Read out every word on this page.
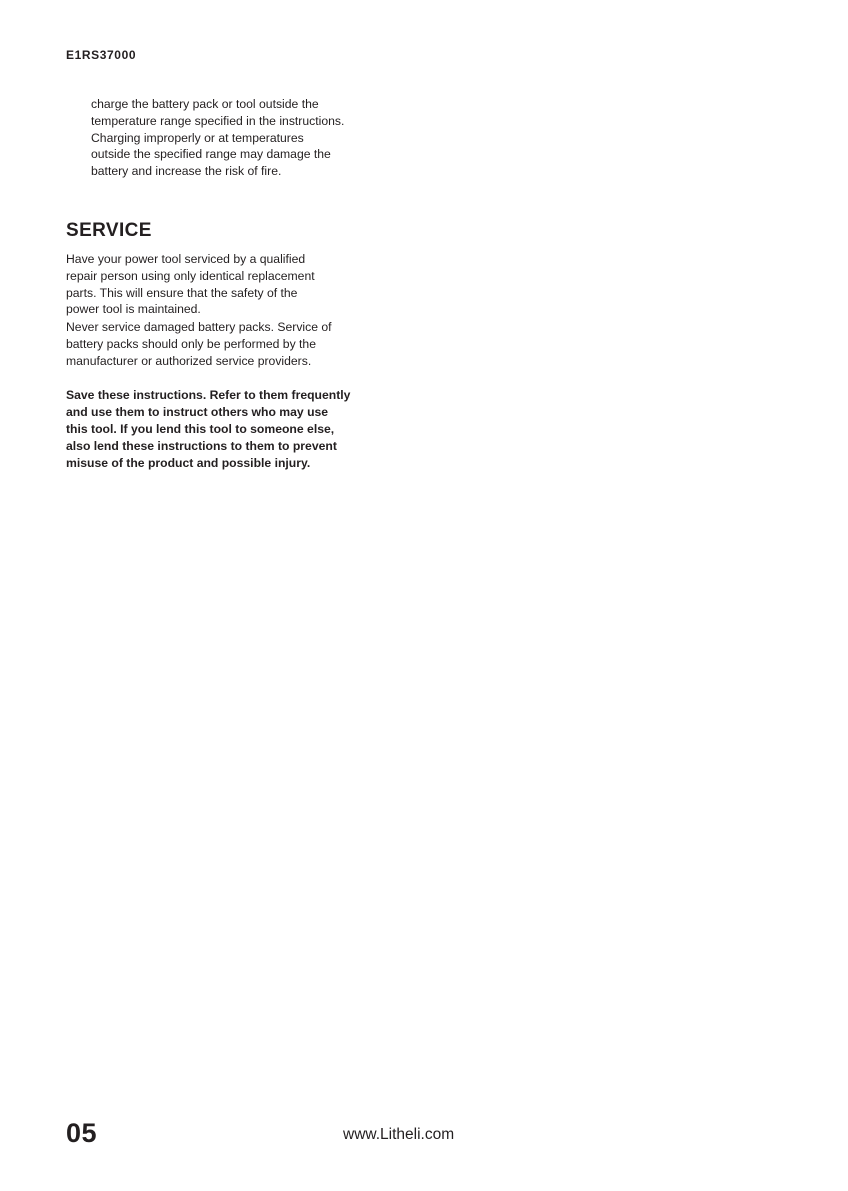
E1RS37000
charge the battery pack or tool outside the
temperature range specified in the instructions.
Charging improperly or at temperatures
outside the specified range may damage the
battery and increase the risk of fire.
SERVICE
Have your power tool serviced by a qualified
repair person using only identical replacement
parts. This will ensure that the safety of the
power tool is maintained.
Never service damaged battery packs. Service of
battery packs should only be performed by the
manufacturer or authorized service providers.
Save these instructions. Refer to them frequently
and use them to instruct others who may use
this tool. If you lend this tool to someone else,
also lend these instructions to them to prevent
misuse of the product and possible injury.
05	www.Litheli.com
